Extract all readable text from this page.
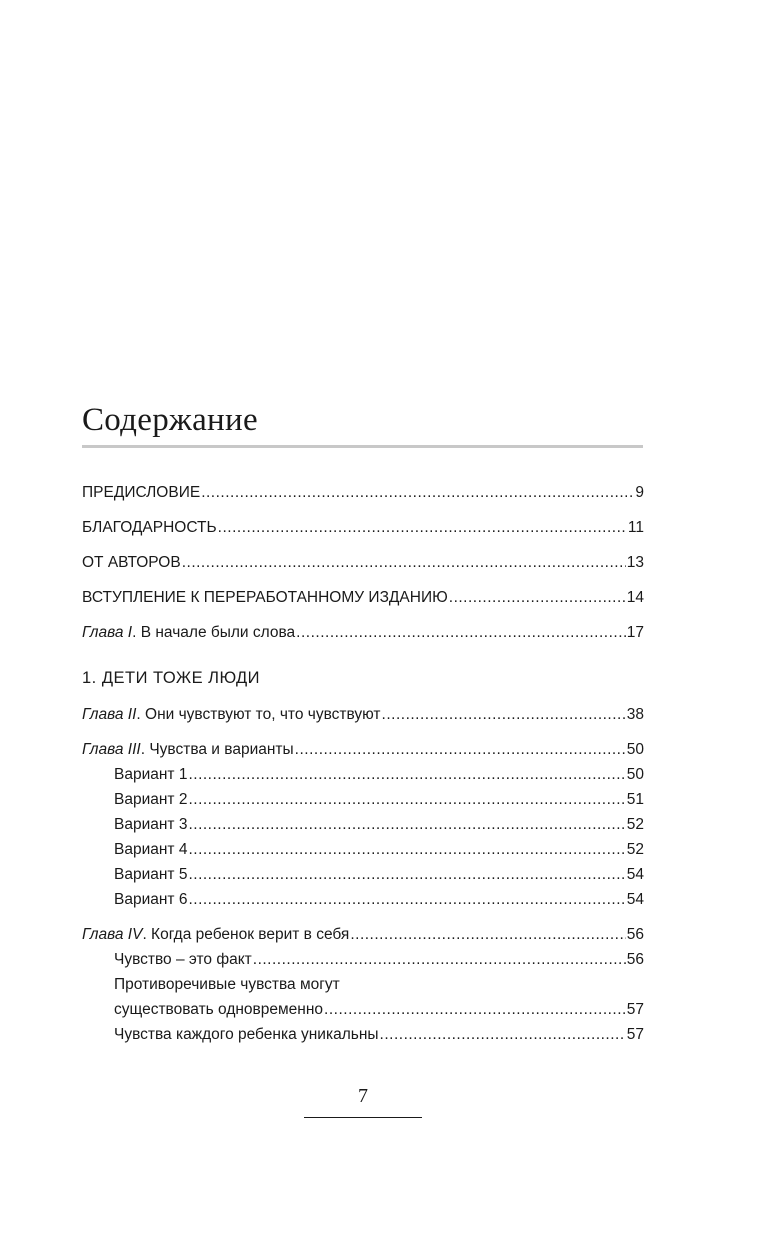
Содержание
ПРЕДИСЛОВИЕ .....	9
БЛАГОДАРНОСТЬ .....	11
ОТ АВТОРОВ .....	13
ВСТУПЛЕНИЕ К ПЕРЕРАБОТАННОМУ ИЗДАНИЮ .....	14
Глава I. В начале были слова .....	17
1. ДЕТИ ТОЖЕ ЛЮДИ
Глава II. Они чувствуют то, что чувствуют .....	38
Глава III. Чувства и варианты .....	50
Вариант 1 .....	50
Вариант 2 .....	51
Вариант 3 .....	52
Вариант 4 .....	52
Вариант 5 .....	54
Вариант 6 .....	54
Глава IV. Когда ребенок верит в себя .....	56
Чувство – это факт .....	56
Противоречивые чувства могут
существовать одновременно .....	57
Чувства каждого ребенка уникальны .....	57
7
